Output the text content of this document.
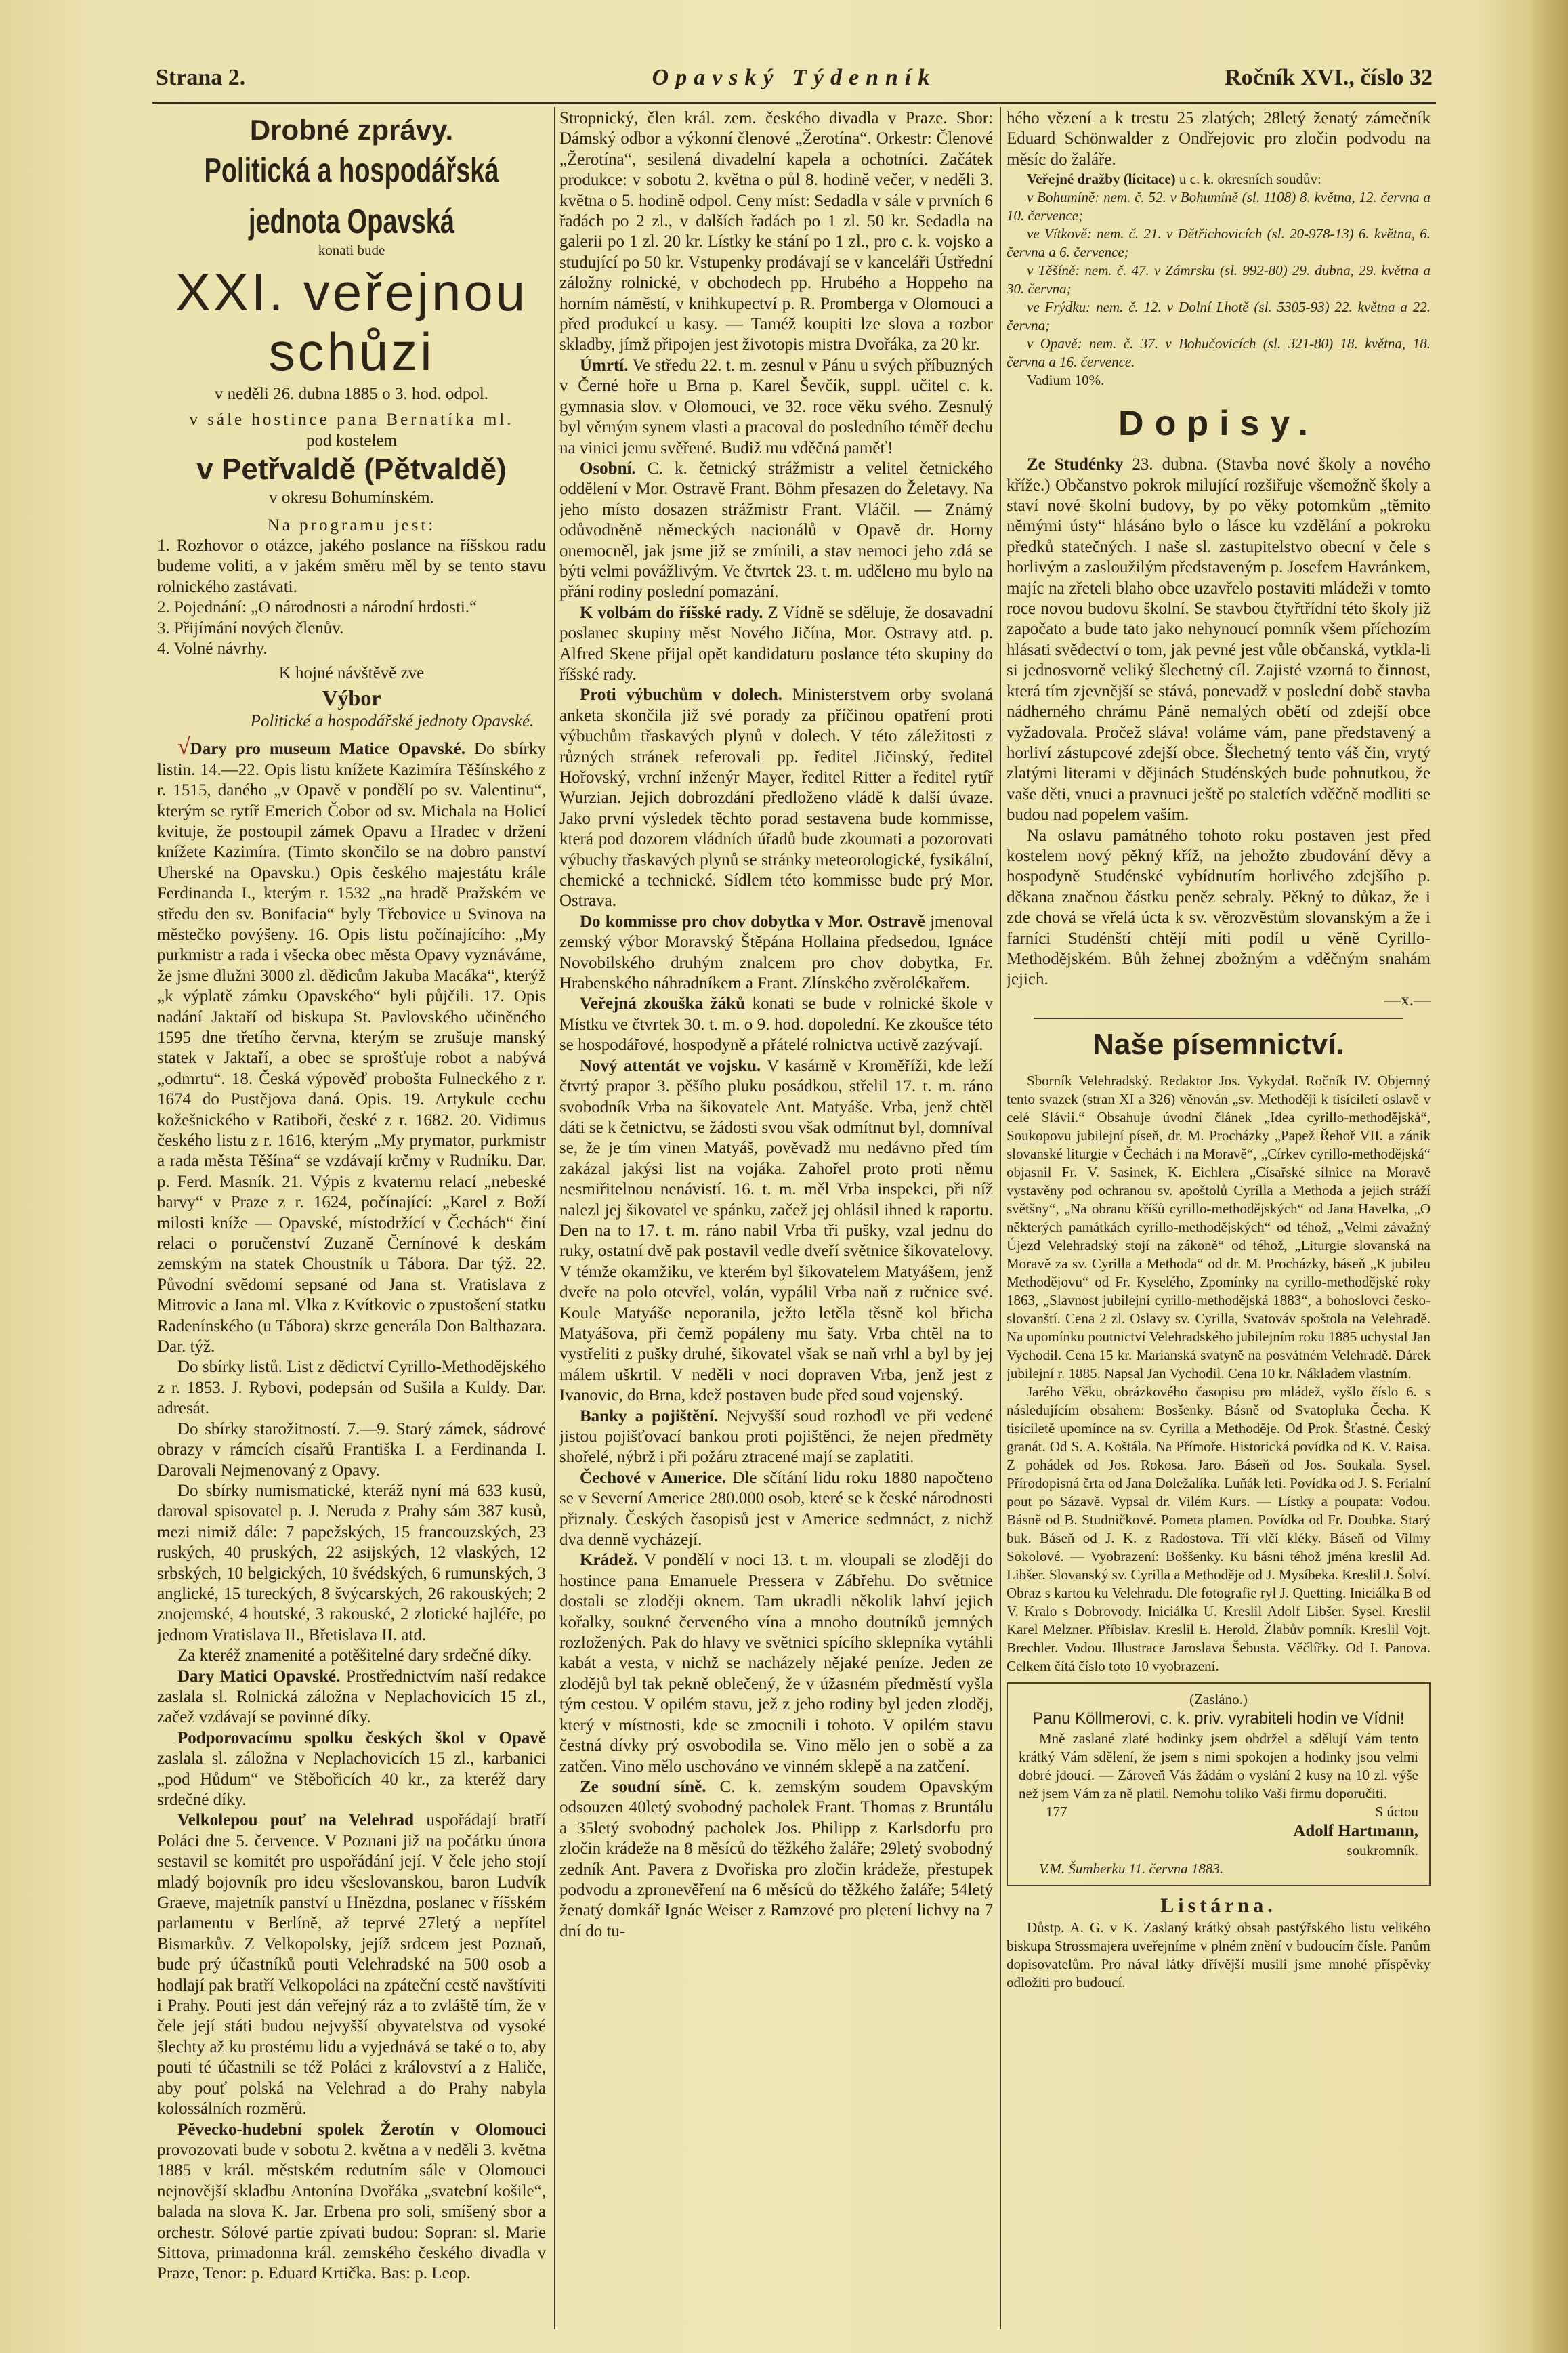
Strana 2.	Opavský Týdenník	Ročník XVI., číslo 32
Drobné zprávy.
Politická a hospodářská jednota Opavská

konati bude

XXI. veřejnou schůzi

v neděli 26. dubna 1885 o 3. hod. odpol.

v sále hostince pana Bernatíka ml.

pod kostelem

v Petřvaldě (Pětvaldě)

v okresu Bohumínském.

Na programu jest:

1. Rozhovor o otázce, jakého poslance na říšskou radu budeme voliti, a v jakém směru měl by se tento stavu rolnického zastávati.

2. Pojednání: „O národnosti a národní hrdosti.“

3. Přijímání nových členův.

4. Volné návrhy.

K hojné návštěvě zve

Výbor

Politické a hospodářské jednoty Opavské.

√Dary pro museum Matice Opavské. Do sbírky listin. 14.—22. Opis listu knížete Kazimíra Těšínského z r. 1515, daného „v Opavě v pondělí po sv. Valentinu“, kterým se rytíř Emerich Čobor od sv. Michala na Holicí kvituje, že postoupil zámek Opavu a Hradec v držení knížete Kazimíra. (Timto skončilo se na dobro panství Uherské na Opavsku.) Opis českého majestátu krále Ferdinanda I., kterým r. 1532 „na hradě Pražském ve středu den sv. Bonifacia“ byly Třebovice u Svinova na městečko povýšeny. 16. Opis listu počínajícího: „My purkmistr a rada i všecka obec města Opavy vyznáváme, že jsme dlužni 3000 zl. dědicům Jakuba Macáka“, kterýž „k výplatě zámku Opavského“ byli půjčili. 17. Opis nadání Jaktaří od biskupa St. Pavlovského učiněného 1595 dne třetího června, kterým se zrušuje manský statek v Jaktaří, a obec se sprošťuje robot a nabývá „odmrtu“. 18. Česká výpověď probošta Fulneckého z r. 1674 do Pustějova daná. Opis. 19. Artykule cechu kožešnického v Ratiboři, české z r. 1682. 20. Vidimus českého listu z r. 1616, kterým „My prymator, purkmistr a rada města Těšína“ se vzdávají krčmy v Rudníku. Dar. p. Ferd. Masník. 21. Výpis z kvaternu relací „nebeské barvy“ v Praze z r. 1624, počínající: „Karel z Boží milosti kníže — Opavské, místodržící v Čechách“ činí relaci o poručenství Zuzaně Černínové k deskám zemským na statek Choustník u Tábora. Dar týž. 22. Původní svědomí sepsané od Jana st. Vratislava z Mitrovic a Jana ml. Vlka z Kvítkovic o zpustošení statku Radenínského (u Tábora) skrze generála Don Balthazara. Dar. týž.

Do sbírky listů. List z dědictví Cyrillo-Methodějského z r. 1853. J. Rybovi, podepsán od Sušila a Kuldy. Dar. adresát.

Do sbírky starožitností. 7.—9. Starý zámek, sádrové obrazy v rámcích císařů Františka I. a Ferdinanda I. Darovali Nejmenovaný z Opavy.

Do sbírky numismatické, kteráž nyní má 633 kusů, daroval spisovatel p. J. Neruda z Prahy sám 387 kusů, mezi nimiž dále: 7 papežských, 15 francouzských, 23 ruských, 40 pruských, 22 asijských, 12 vlaských, 12 srbských, 10 belgických, 10 švédských, 6 rumunských, 3 anglické, 15 tureckých, 8 švýcarských, 26 rakouských; 2 znojemské, 4 houtské, 3 rakouské, 2 zlotické hajléře, po jednom Vratislava II., Břetislava II. atd.

Za kteréž znamenité a potěšitelné dary srdečné díky.

Dary Matici Opavské. Prostřednictvím naší redakce zaslala sl. Rolnická záložna v Neplachovicích 15 zl., začež vzdávají se povinné díky.

Podporovacímu spolku českých škol v Opavě zaslala sl. záložna v Neplachovicích 15 zl., karbanici „pod Hůdum“ ve Stěbořicích 40 kr., za kteréž dary srdečné díky.

Velkolepou pouť na Velehrad uspořádají bratří Poláci dne 5. července. V Poznani již na počátku února sestavil se komitét pro uspořádání její. V čele jeho stojí mladý bojovník pro ideu všeslovanskou, baron Ludvík Graeve, majetník panství u Hnězdna, poslanec v říšském parlamentu v Berlíně, až teprvé 27letý a nepřítel Bismarkův. Z Velkopolsky, jejíž srdcem jest Poznaň, bude prý účastníků pouti Velehradské na 500 osob a hodlají pak bratří Velkopoláci na zpáteční cestě navštíviti i Prahy. Pouti jest dán veřejný ráz a to zvláště tím, že v čele její státi budou nejvyšší obyvatelstva od vysoké šlechty až ku prostému lidu a vyjednává se také o to, aby pouti té účastnili se též Poláci z království a z Haliče, aby pouť polská na Velehrad a do Prahy nabyla kolossálních rozměrů.

Pěvecko-hudební spolek Žerotín v Olomouci provozovati bude v sobotu 2. května a v neděli 3. května 1885 v král. městském redutním sále v Olomouci nejnovější skladbu Antonína Dvořáka „svatební košile“, balada na slova K. Jar. Erbena pro soli, smíšený sbor a orchestr. Sólové partie zpívati budou: Sopran: sl. Marie Sittova, primadonna král. zemského českého divadla v Praze, Tenor: p. Eduard Krtička. Bas: p. Leop.

Stropnický, člen král. zem. českého divadla v Praze. Sbor: Dámský odbor a výkonní členové „Žerotína“. Orkestr: Členové „Žerotína“, sesilená divadelní kapela a ochotníci. Začátek produkce: v sobotu 2. května o půl 8. hodině večer, v neděli 3. května o 5. hodině odpol. Ceny míst: Sedadla v sále v prvních 6 řadách po 2 zl., v dalších řadách po 1 zl. 50 kr. Sedadla na galerii po 1 zl. 20 kr. Lístky ke stání po 1 zl., pro c. k. vojsko a studující po 50 kr. Vstupenky prodávají se v kanceláři Ústřední záložny rolnické, v obchodech pp. Hrubého a Hoppeho na horním náměstí, v knihkupectví p. R. Promberga v Olomouci a před produkcí u kasy. — Taméž koupiti lze slova a rozbor skladby, jímž připojen jest životopis mistra Dvořáka, za 20 kr.

Úmrtí. Ve středu 22. t. m. zesnul v Pánu u svých příbuzných v Černé hoře u Brna p. Karel Ševčík, suppl. učitel c. k. gymnasia slov. v Olomouci, ve 32. roce věku svého. Zesnulý byl věrným synem vlasti a pracoval do posledního téměř dechu na vinici jemu svěřené. Budiž mu vděčná paměť!

Osobní. C. k. četnický strážmistr a velitel četnického oddělení v Mor. Ostravě Frant. Böhm přesazen do Želetavy. Na jeho místo dosazen strážmistr Frant. Vláčil. — Známý odůvodněně německých nacionálů v Opavě dr. Horny onemocněl, jak jsme již se zmínili, a stav nemoci jeho zdá se býti velmi povážlivým. Ve čtvrtek 23. t. m. udělено mu bylo na přání rodiny poslední pomazání.

K volbám do říšské rady. Z Vídně se sděluje, že dosavadní poslanec skupiny měst Nového Jičína, Mor. Ostravy atd. p. Alfred Skene přijal opět kandidaturu poslance této skupiny do říšské rady.

Proti výbuchům v dolech. Ministerstvem orby svolaná anketa skončila již své porady za příčinou opatření proti výbuchům třaskavých plynů v dolech. V této záležitosti z různých stránek referovali pp. ředitel Jičinský, ředitel Hořovský, vrchní inženýr Mayer, ředitel Ritter a ředitel rytíř Wurzian. Jejich dobrozdání předloženo vládě k další úvaze. Jako první výsledek těchto porad sestavena bude kommisse, která pod dozorem vládních úřadů bude zkoumati a pozorovati výbuchy třaskavých plynů se stránky meteorologické, fysikální, chemické a technické. Sídlem této kommisse bude prý Mor. Ostrava.

Do kommisse pro chov dobytka v Mor. Ostravě jmenoval zemský výbor Moravský Štěpána Hollaina předsedou, Ignáce Novobilského druhým znalcem pro chov dobytka, Fr. Hrabenského náhradníkem a Frant. Zlínského zvěrolékařem.

Veřejná zkouška žáků konati se bude v rolnické škole v Místku ve čtvrtek 30. t. m. o 9. hod. dopolední. Ke zkoušce této se hospodářové, hospodyně a přátelé rolnictva uctivě zazývají.

Nový attentát ve vojsku. V kasárně v Kroměříži, kde leží čtvrtý prapor 3. pěšího pluku posádkou, střelil 17. t. m. ráno svobodník Vrba na šikovatele Ant. Matyáše. Vrba, jenž chtěl dáti se k četnictvu, se žádosti svou však odmítnut byl, domníval se, že je tím vinen Matyáš, pověvadž mu nedávno před tím zakázal jakýsi list na vojáka. Zahořel proto proti němu nesmiřitelnou nenávistí. 16. t. m. měl Vrba inspekci, při níž nalezl jej šikovatel ve spánku, začež jej ohlásil ihned k raportu. Den na to 17. t. m. ráno nabil Vrba tři pušky, vzal jednu do ruky, ostatní dvě pak postavil vedle dveří světnice šikovatelovy. V témže okamžiku, ve kterém byl šikovatelem Matyášem, jenž dveře na polo otevřel, volán, vypálil Vrba naň z ručnice své. Koule Matyáše neporanila, ježto letěla těsně kol břicha Matyášova, při čemž popáleny mu šaty. Vrba chtěl na to vystřeliti z pušky druhé, šikovatel však se naň vrhl a byl by jej málem uškrtil. V neděli v noci dopraven Vrba, jenž jest z Ivanovic, do Brna, kdež postaven bude před soud vojenský.

Banky a pojištění. Nejvyšší soud rozhodl ve při vedené jistou pojišťovací bankou proti pojištěnci, že nejen předměty shořelé, nýbrž i při požáru ztracené mají se zaplatiti.

Čechové v Americe. Dle sčítání lidu roku 1880 napočteno se v Severní Americe 280.000 osob, které se k české národnosti přiznaly. Českých časopisů jest v Americe sedmnáct, z nichž dva denně vycházejí.

Krádež. V pondělí v noci 13. t. m. vloupali se zloději do hostince pana Emanuele Pressera v Zábřehu. Do světnice dostali se zloději oknem. Tam ukradli několik lahví jejich kořalky, soukné červeného vína a mnoho doutníků jemných rozložených. Pak do hlavy ve světnici spícího sklepníka vytáhli kabát a vesta, v nichž se nacházely nějaké peníze. Jeden ze zlodějů byl tak pekně oblečený, že v úžasném předměstí vyšla tým cestou. V opilém stavu, jež z jeho rodiny byl jeden zloděj, který v místnosti, kde se zmocnili i tohoto. V opilém stavu čestná dívky prý osvobodila se. Vino mělo jen o sobě a za zatčen. Vino mělo uschováno ve vinném sklepě a na zatčení.

Ze soudní síně. C. k. zemským soudem Opavským odsouzen 40letý svobodný pacholek Frant. Thomas z Bruntálu a 35letý svobodný pacholek Jos. Philipp z Karlsdorfu pro zločin krádeže na 8 měsíců do těžkého žaláře; 29letý svobodný zedník Ant. Pavera z Dvořiska pro zločin krádeže, přestupek podvodu a zpronevěření na 6 měsíců do těžkého žaláře; 54letý ženatý domkář Ignác Weiser z Ramzové pro pletení lichvy na 7 dní do tu-

hého vězení a k trestu 25 zlatých; 28letý ženatý zámečník Eduard Schönwalder z Ondřejovic pro zločin podvodu na měsíc do žaláře.

Veřejné dražby (licitace) u c. k. okresních soudův:

v Bohumíně: nem. č. 52. v Bohumíně (sl. 1108) 8. května, 12. června a 10. července;

ve Vítkově: nem. č. 21. v Dětřichovicích (sl. 20-978-13) 6. května, 6. června a 6. července;

v Těšíně: nem. č. 47. v Zámrsku (sl. 992-80) 29. dubna, 29. května a 30. června;

ve Frýdku: nem. č. 12. v Dolní Lhotě (sl. 5305-93) 22. května a 22. června;

v Opavě: nem. č. 37. v Bohučovicích (sl. 321-80) 18. května, 18. června a 16. července.

Vadium 10%.

Dopisy.

Ze Studénky 23. dubna. (Stavba nové školy a nového kříže.) Občanstvo pokrok milující rozšiřuje všemožně školy a staví nové školní budovy, by po věky potomkům „těmito němými ústy“ hlásáno bylo o lásce ku vzdělání a pokroku předků statečných. I naše sl. zastupitelstvo obecní v čele s horlivým a zasloužilým představeným p. Josefem Havránkem, majíc na zřeteli blaho obce uzavřelo postaviti mládeži v tomto roce novou budovu školní. Se stavbou čtyřtřídní této školy již započato a bude tato jako nehynoucí pomník všem příchozím hlásati svědectví o tom, jak pevné jest vůle občanská, vytkla-li si jednosvorně veliký šlechetný cíl. Zajisté vzorná to činnost, která tím zjevnější se stává, ponevadž v poslední době stavba nádherného chrámu Páně nemalých obětí od zdejší obce vyžadovala. Pročež sláva! voláme vám, pane představený a horliví zástupcové zdejší obce. Šlechetný tento váš čin, vrytý zlatými literami v dějinách Studénských bude pohnutkou, že vaše děti, vnuci a pravnuci ještě po staletích vděčně modliti se budou nad popelem vaším.

Na oslavu památného tohoto roku postaven jest před kostelem nový pěkný kříž, na jehožto zbudování děvy a hospodyně Studénské vybídnutím horlivého zdejšího p. děkana značnou částku peněz sebraly. Pěkný to důkaz, že i zde chová se vřelá úcta k sv. věrozvěstům slovanským a že i farníci Studénští chtějí míti podíl u věně Cyrillo-Methodějském. Bůh žehnej zbožným a vděčným snahám jejich.

—x.—

Naše písemnictví.

Sborník Velehradský. Redaktor Jos. Vykydal. Ročník IV. Objemný tento svazek (stran XI a 326) věnován „sv. Methoději k tisíciletí oslavě v celé Slávii.“ Obsahuje úvodní článek „Idea cyrillo-methodějská“, Soukopovu jubilejní píseň, dr. M. Procházky „Papež Řehoř VII. a zánik slovanské liturgie v Čechách i na Moravě“, „Církev cyrillo-methodějská“ objasnil Fr. V. Sasinek, K. Eichlera „Císařské silnice na Moravě vystavěny pod ochranou sv. apoštolů Cyrilla a Methoda a jejich stráží světšny“, „Na obranu kříšů cyrillo-methodějských“ od Jana Havelka, „O některých památkách cyrillo-methodějských“ od téhož, „Velmi závažný Újezd Velehradský stojí na zákoně“ od téhož, „Liturgie slovanská na Moravě za sv. Cyrilla a Methoda“ od dr. M. Procházky, báseň „K jubileu Methodějovu“ od Fr. Kyselého, Zpomínky na cyrillo-methodějské roky 1863, „Slavnost jubilejní cyrillo-methodějská 1883“, a bohoslovci česko-slovanští. Cena 2 zl. Oslavy sv. Cyrilla, Svatováv spoštola na Velehradě. Na upomínku poutnictví Velehradského jubilejním roku 1885 uchystal Jan Vychodil. Cena 15 kr. Marianská svatyně na posvátném Velehradě. Dárek jubilejní r. 1885. Napsal Jan Vychodil. Cena 10 kr. Nákladem vlastním.

Jarého Věku, obrázkového časopisu pro mládež, vyšlo číslo 6. s následujícím obsahem: Bosšenky. Básně od Svatopluka Čecha. K tisíciletě upomínce na sv. Cyrilla a Methoděje. Od Prok. Šťastné. Český granát. Od S. A. Koštála. Na Přímoře. Historická povídka od K. V. Raisa. Z pohádek od Jos. Rokosa. Jaro. Báseň od Jos. Soukala. Sysel. Přírodopisná črta od Jana Doležalíka. Luňák leti. Povídka od J. S. Ferialní pout po Sázavě. Vypsal dr. Vilém Kurs. — Lístky a poupata: Vodou. Básně od B. Studničkové. Pometa plamen. Povídka od Fr. Doubka. Starý buk. Báseň od J. K. z Radostova. Tří vlčí kléky. Báseň od Vilmy Sokolové. — Vyobrazení: Boššenky. Ku básni téhož jména kreslil Ad. Libšer. Slovanský sv. Cyrilla a Methoděje od J. Mysíbeka. Kreslil J. Šolví. Obraz s kartou ku Velehradu. Dle fotografie ryl J. Quetting. Iniciálka B od V. Kralo s Dobrovody. Iniciálka U. Kreslil Adolf Libšer. Sysel. Kreslil Karel Melzner. Příbislav. Kreslil E. Herold. Žlabův pomník. Kreslil Vojt. Brechler. Vodou. Illustrace Jaroslava Šebusta. Věčlířky. Od I. Panova. Celkem čítá číslo toto 10 vyobrazení.

(Zasláno.)

Panu Köllmerovi, c. k. priv. vyrabiteli hodin ve Vídni!

Mně zaslané zlaté hodinky jsem obdržel a sdělují Vám tento krátký Vám sdělení, že jsem s nimi spokojen a hodinky jsou velmi dobré jdoucí. — Zároveň Vás žádám o vyslání 2 kusy na 10 zl. výše než jsem Vám za ně platil. Nemohu toliko Vaši firmu doporučiti.

177	S úctou

Adolf Hartmann,

soukromník.

V.M. Šumberku 11. června 1883.

Listárna.

Důstp. A. G. v K. Zaslaný krátký obsah pastýřského listu velikého biskupa Strossmajera uveřejníme v plném znění v budoucím čísle. Panům dopisovatelům. Pro nával látky dřívější musili jsme mnohé příspěvky odložiti pro budoucí.
